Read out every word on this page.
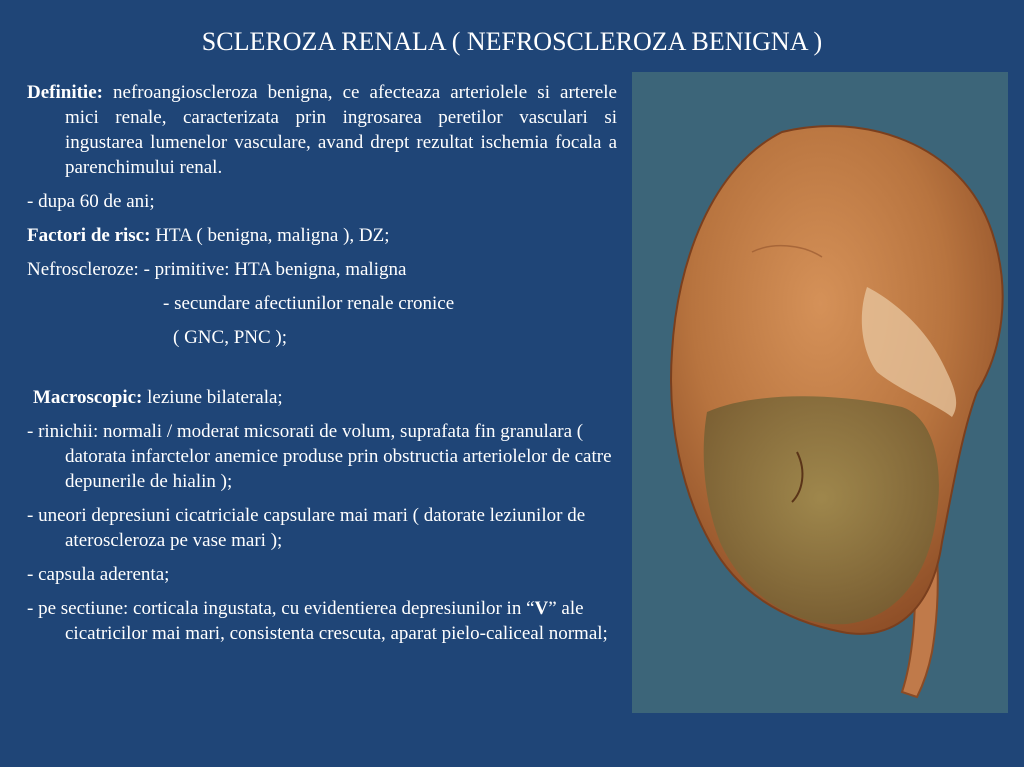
SCLEROZA RENALA ( NEFROSCLEROZA BENIGNA )

Definitie: nefroangioscleroza benigna, ce afecteaza arteriolele si arterele mici renale, caracterizata prin ingrosarea peretilor vasculari si ingustarea lumenelor vasculare, avand drept rezultat ischemia focala a parenchimului renal.

- dupa 60 de ani;

Factori de risc: HTA ( benigna, maligna ), DZ;

Nefroscleroze: - primitive: HTA benigna, maligna

- secundare afectiunilor renale cronice

( GNC, PNC );

Macroscopic: leziune bilaterala;

- rinichii: normali / moderat micsorati de volum, suprafata fin granulara ( datorata infarctelor anemice produse prin obstructia arteriolelor de catre depunerile de hialin );

- uneori depresiuni cicatriciale capsulare mai mari ( datorate leziunilor de ateroscleroza pe vase mari );

- capsula aderenta;

- pe sectiune: corticala ingustata, cu evidentierea depresiunilor in “V” ale cicatricilor mai mari, consistenta crescuta, aparat pielo-caliceal normal;
